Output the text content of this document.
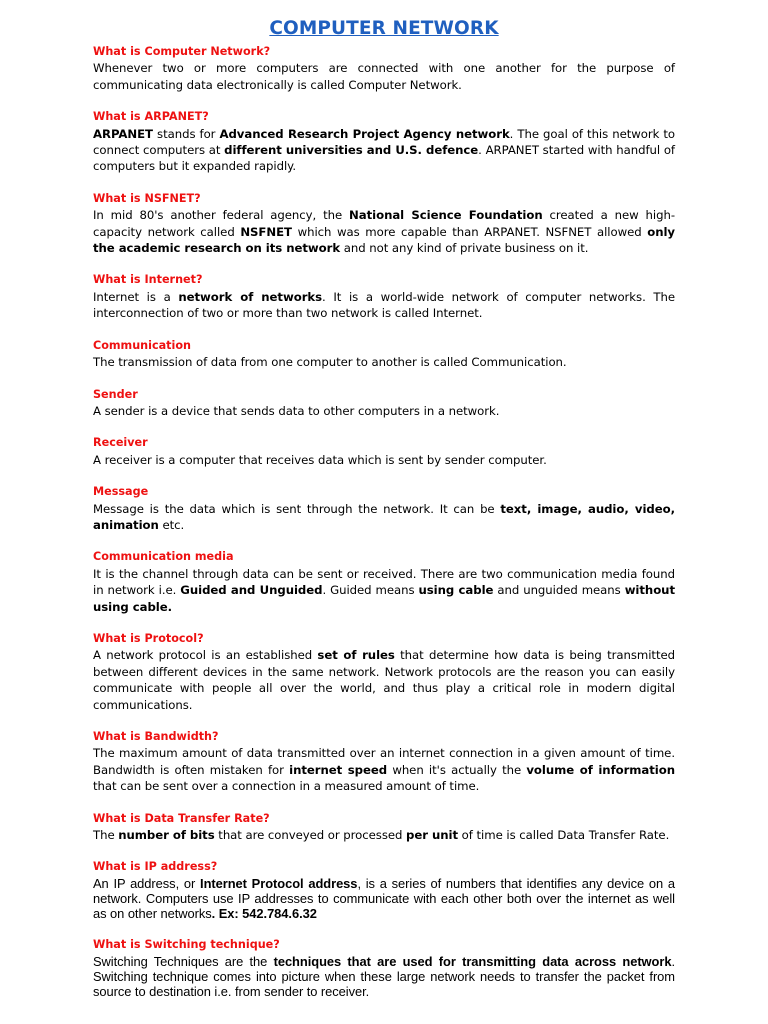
COMPUTER NETWORK
What is Computer Network?
Whenever two or more computers are connected with one another for the purpose of communicating data electronically is called Computer Network.
What is ARPANET?
ARPANET stands for Advanced Research Project Agency network. The goal of this network to connect computers at different universities and U.S. defence. ARPANET started with handful of computers but it expanded rapidly.
What is NSFNET?
In mid 80's another federal agency, the National Science Foundation created a new high-capacity network called NSFNET which was more capable than ARPANET. NSFNET allowed only the academic research on its network and not any kind of private business on it.
What is Internet?
Internet is a network of networks. It is a world-wide network of computer networks. The interconnection of two or more than two network is called Internet.
Communication
The transmission of data from one computer to another is called Communication.
Sender
A sender is a device that sends data to other computers in a network.
Receiver
A receiver is a computer that receives data which is sent by sender computer.
Message
Message is the data which is sent through the network. It can be text, image, audio, video, animation etc.
Communication media
It is the channel through data can be sent or received. There are two communication media found in network i.e. Guided and Unguided. Guided means using cable and unguided means without using cable.
What is Protocol?
A network protocol is an established set of rules that determine how data is being transmitted between different devices in the same network. Network protocols are the reason you can easily communicate with people all over the world, and thus play a critical role in modern digital communications.
What is Bandwidth?
The maximum amount of data transmitted over an internet connection in a given amount of time. Bandwidth is often mistaken for internet speed when it's actually the volume of information that can be sent over a connection in a measured amount of time.
What is Data Transfer Rate?
The number of bits that are conveyed or processed per unit of time is called Data Transfer Rate.
What is IP address?
An IP address, or Internet Protocol address, is a series of numbers that identifies any device on a network. Computers use IP addresses to communicate with each other both over the internet as well as on other networks. Ex: 542.784.6.32
What is Switching technique?
Switching Techniques are the techniques that are used for transmitting data across network. Switching technique comes into picture when these large network needs to transfer the packet from source to destination i.e. from sender to receiver.
